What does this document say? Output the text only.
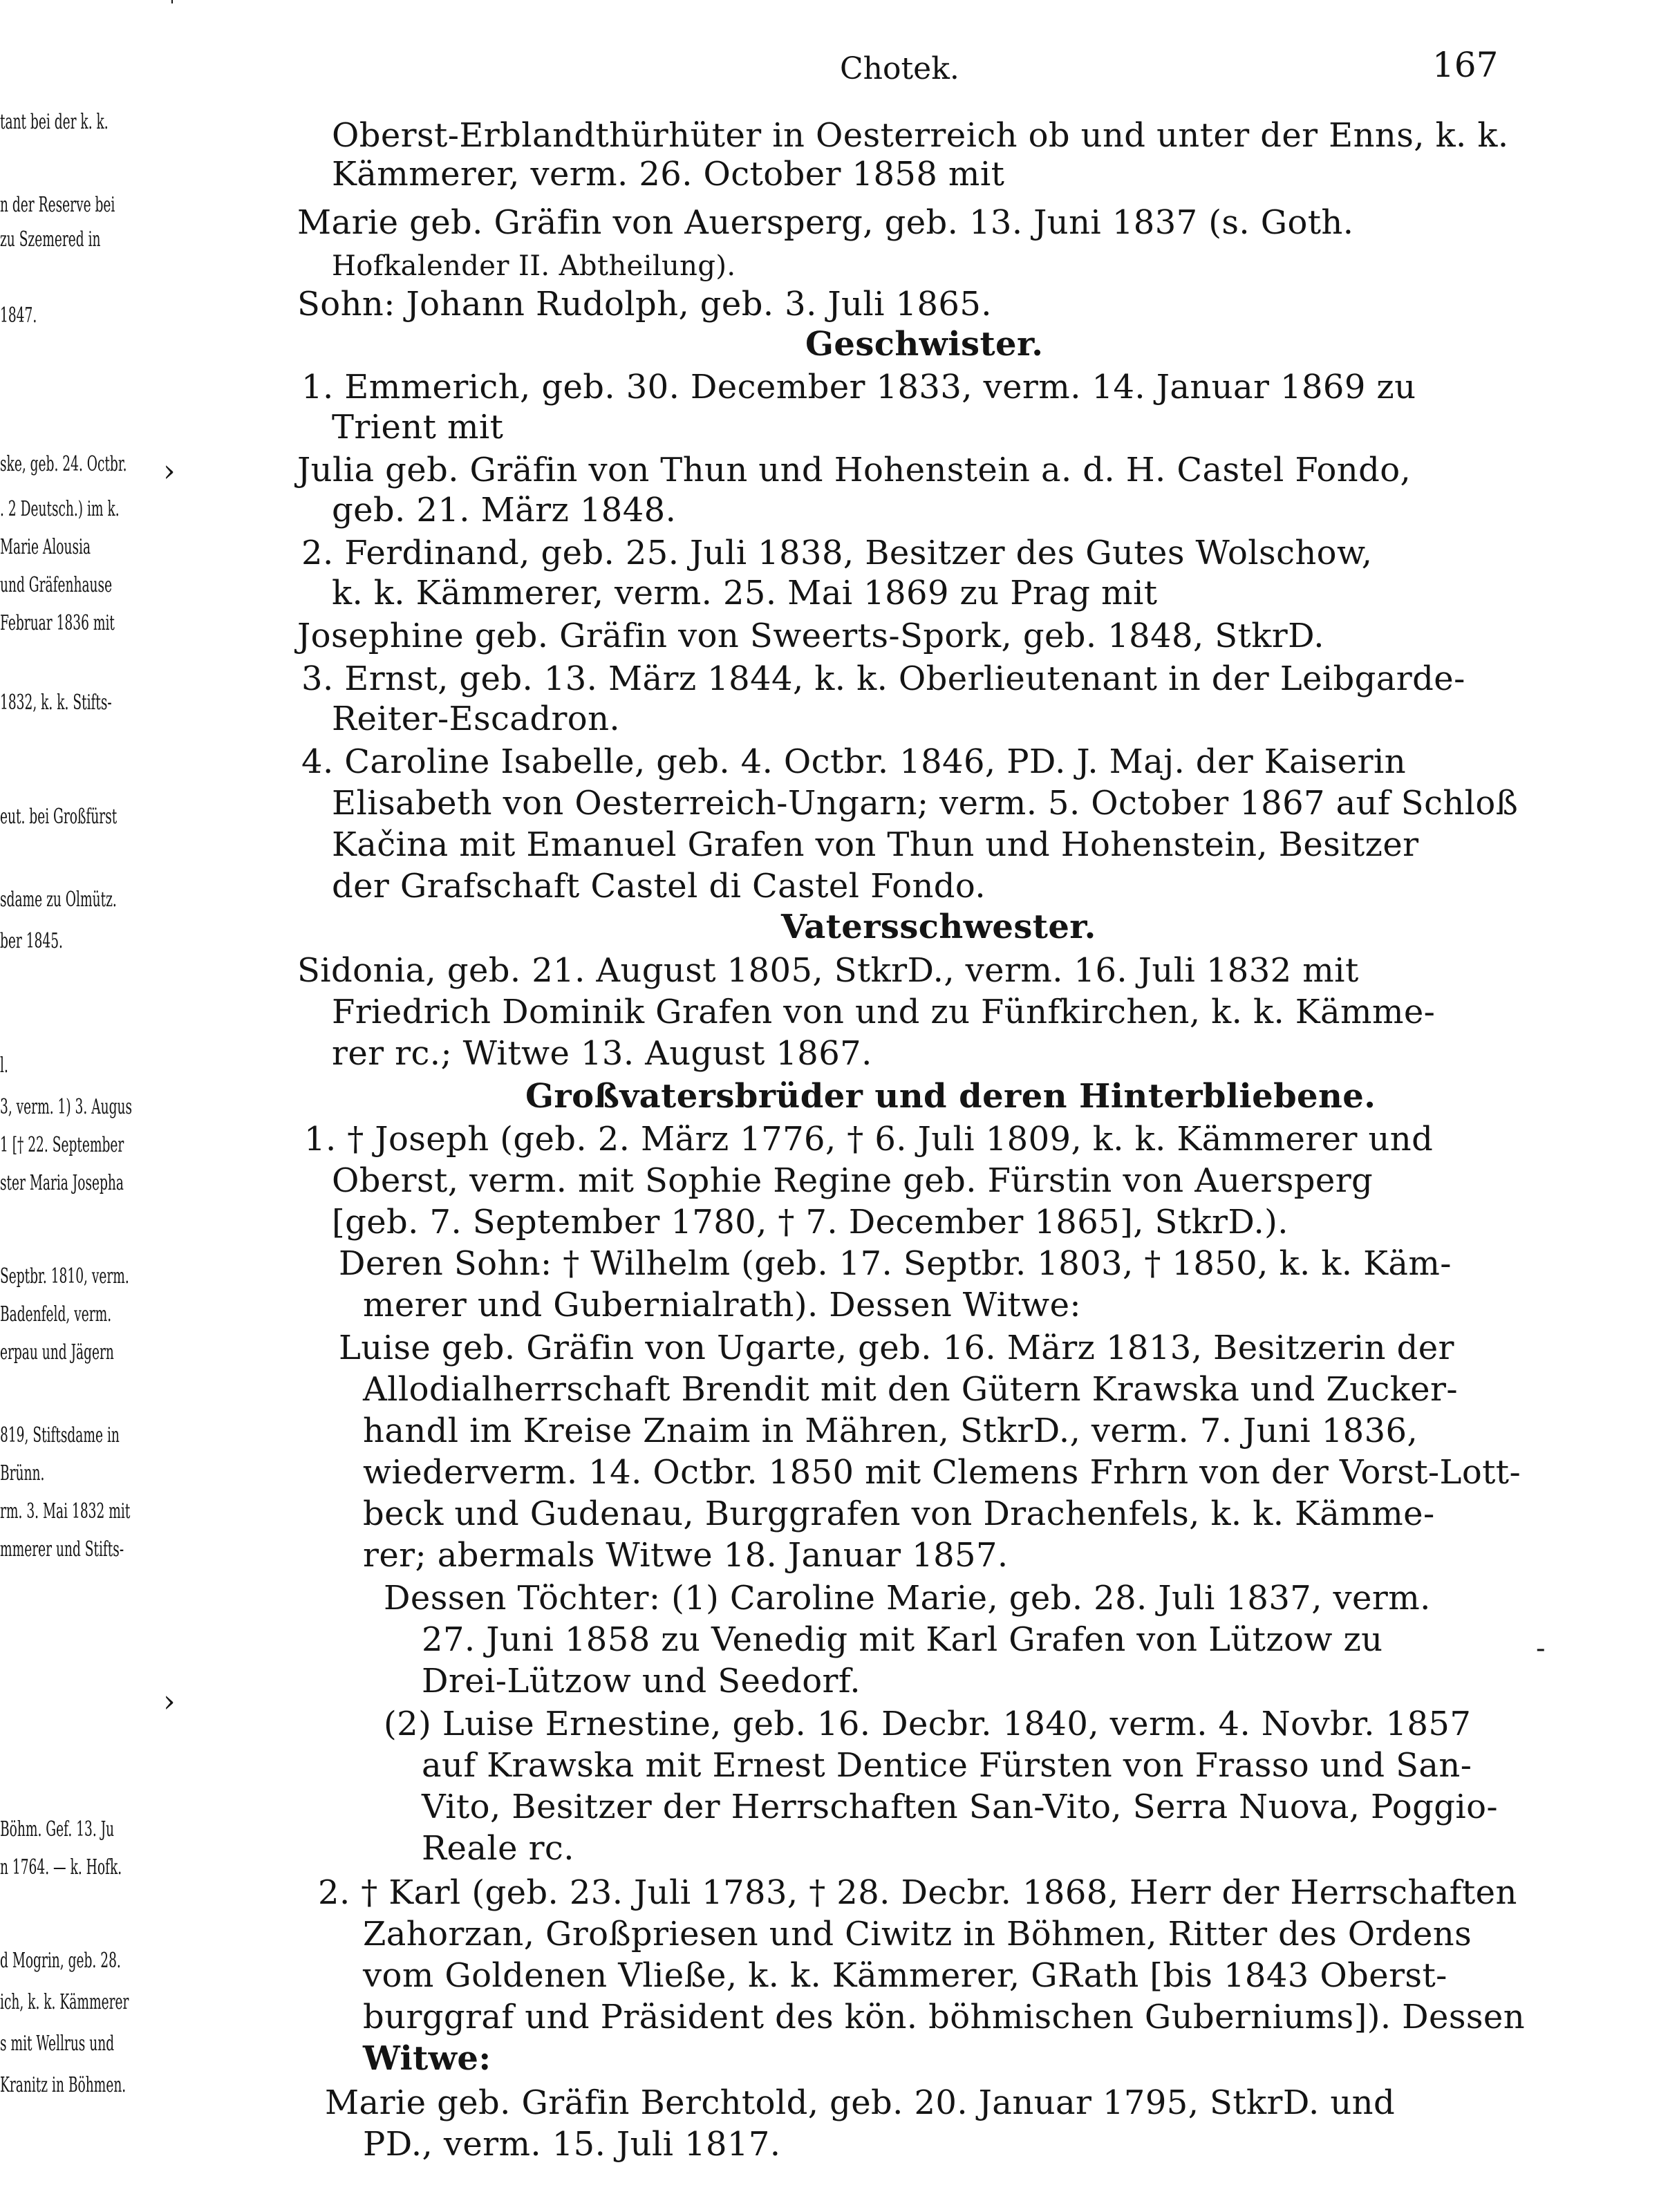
tant bei der k. k.
n der Reserve bei
zu Szemered in
1847.
ske, geb. 24. Octbr.
. 2 Deutsch.) im k.
Marie Alousia
und Gräfenhause
Februar 1836 mit
1832, k. k. Stifts-
eut. bei Großfürst
sdame zu Olmütz.
ber 1845.
l.
3, verm. 1) 3. Augus
1 [† 22. September
ster Maria Josepha
Septbr. 1810, verm.
Badenfeld, verm.
erpau und Jägern
819, Stiftsdame in
Brünn.
rm. 3. Mai 1832 mit
mmerer und Stifts-
Böhm. Gef. 13. Ju
n 1764. — k. Hofk.
d Mogrin, geb. 28.
ich, k. k. Kämmerer
s mit Wellrus und
Kranitz in Böhmen.
›
›
-
Chotek.	167
Oberst-Erblandthürhüter in Oesterreich ob und unter der Enns, k. k.
Kämmerer, verm. 26. October 1858 mit
Marie geb. Gräfin von Auersperg, geb. 13. Juni 1837 (s. Goth.
Hofkalender II. Abtheilung).
Sohn: Johann Rudolph, geb. 3. Juli 1865.
Geschwister.
1. Emmerich, geb. 30. December 1833, verm. 14. Januar 1869 zu
Trient mit
Julia geb. Gräfin von Thun und Hohenstein a. d. H. Castel Fondo,
geb. 21. März 1848.
2. Ferdinand, geb. 25. Juli 1838, Besitzer des Gutes Wolschow,
k. k. Kämmerer, verm. 25. Mai 1869 zu Prag mit
Josephine geb. Gräfin von Sweerts-Spork, geb. 1848, StkrD.
3. Ernst, geb. 13. März 1844, k. k. Oberlieutenant in der Leibgarde-
Reiter-Escadron.
4. Caroline Isabelle, geb. 4. Octbr. 1846, PD. J. Maj. der Kaiserin
Elisabeth von Oesterreich-Ungarn; verm. 5. October 1867 auf Schloß
Kačina mit Emanuel Grafen von Thun und Hohenstein, Besitzer
der Grafschaft Castel di Castel Fondo.
Vatersschwester.
Sidonia, geb. 21. August 1805, StkrD., verm. 16. Juli 1832 mit
Friedrich Dominik Grafen von und zu Fünfkirchen, k. k. Kämme-
rer rc.; Witwe 13. August 1867.
Großvatersbrüder und deren Hinterbliebene.
1. † Joseph (geb. 2. März 1776, † 6. Juli 1809, k. k. Kämmerer und
Oberst, verm. mit Sophie Regine geb. Fürstin von Auersperg
[geb. 7. September 1780, † 7. December 1865], StkrD.).
Deren Sohn: † Wilhelm (geb. 17. Septbr. 1803, † 1850, k. k. Käm-
merer und Gubernialrath). Dessen Witwe:
Luise geb. Gräfin von Ugarte, geb. 16. März 1813, Besitzerin der
Allodialherrschaft Brendit mit den Gütern Krawska und Zucker-
handl im Kreise Znaim in Mähren, StkrD., verm. 7. Juni 1836,
wiederverm. 14. Octbr. 1850 mit Clemens Frhrn von der Vorst-Lott-
beck und Gudenau, Burggrafen von Drachenfels, k. k. Kämme-
rer; abermals Witwe 18. Januar 1857.
Dessen Töchter: (1) Caroline Marie, geb. 28. Juli 1837, verm.
27. Juni 1858 zu Venedig mit Karl Grafen von Lützow zu
Drei-Lützow und Seedorf.
(2) Luise Ernestine, geb. 16. Decbr. 1840, verm. 4. Novbr. 1857
auf Krawska mit Ernest Dentice Fürsten von Frasso und San-
Vito, Besitzer der Herrschaften San-Vito, Serra Nuova, Poggio-
Reale rc.
2. † Karl (geb. 23. Juli 1783, † 28. Decbr. 1868, Herr der Herrschaften
Zahorzan, Großpriesen und Ciwitz in Böhmen, Ritter des Ordens
vom Goldenen Vließe, k. k. Kämmerer, GRath [bis 1843 Oberst-
burggraf und Präsident des kön. böhmischen Guberniums]). Dessen
Witwe:
Marie geb. Gräfin Berchtold, geb. 20. Januar 1795, StkrD. und
PD., verm. 15. Juli 1817.
